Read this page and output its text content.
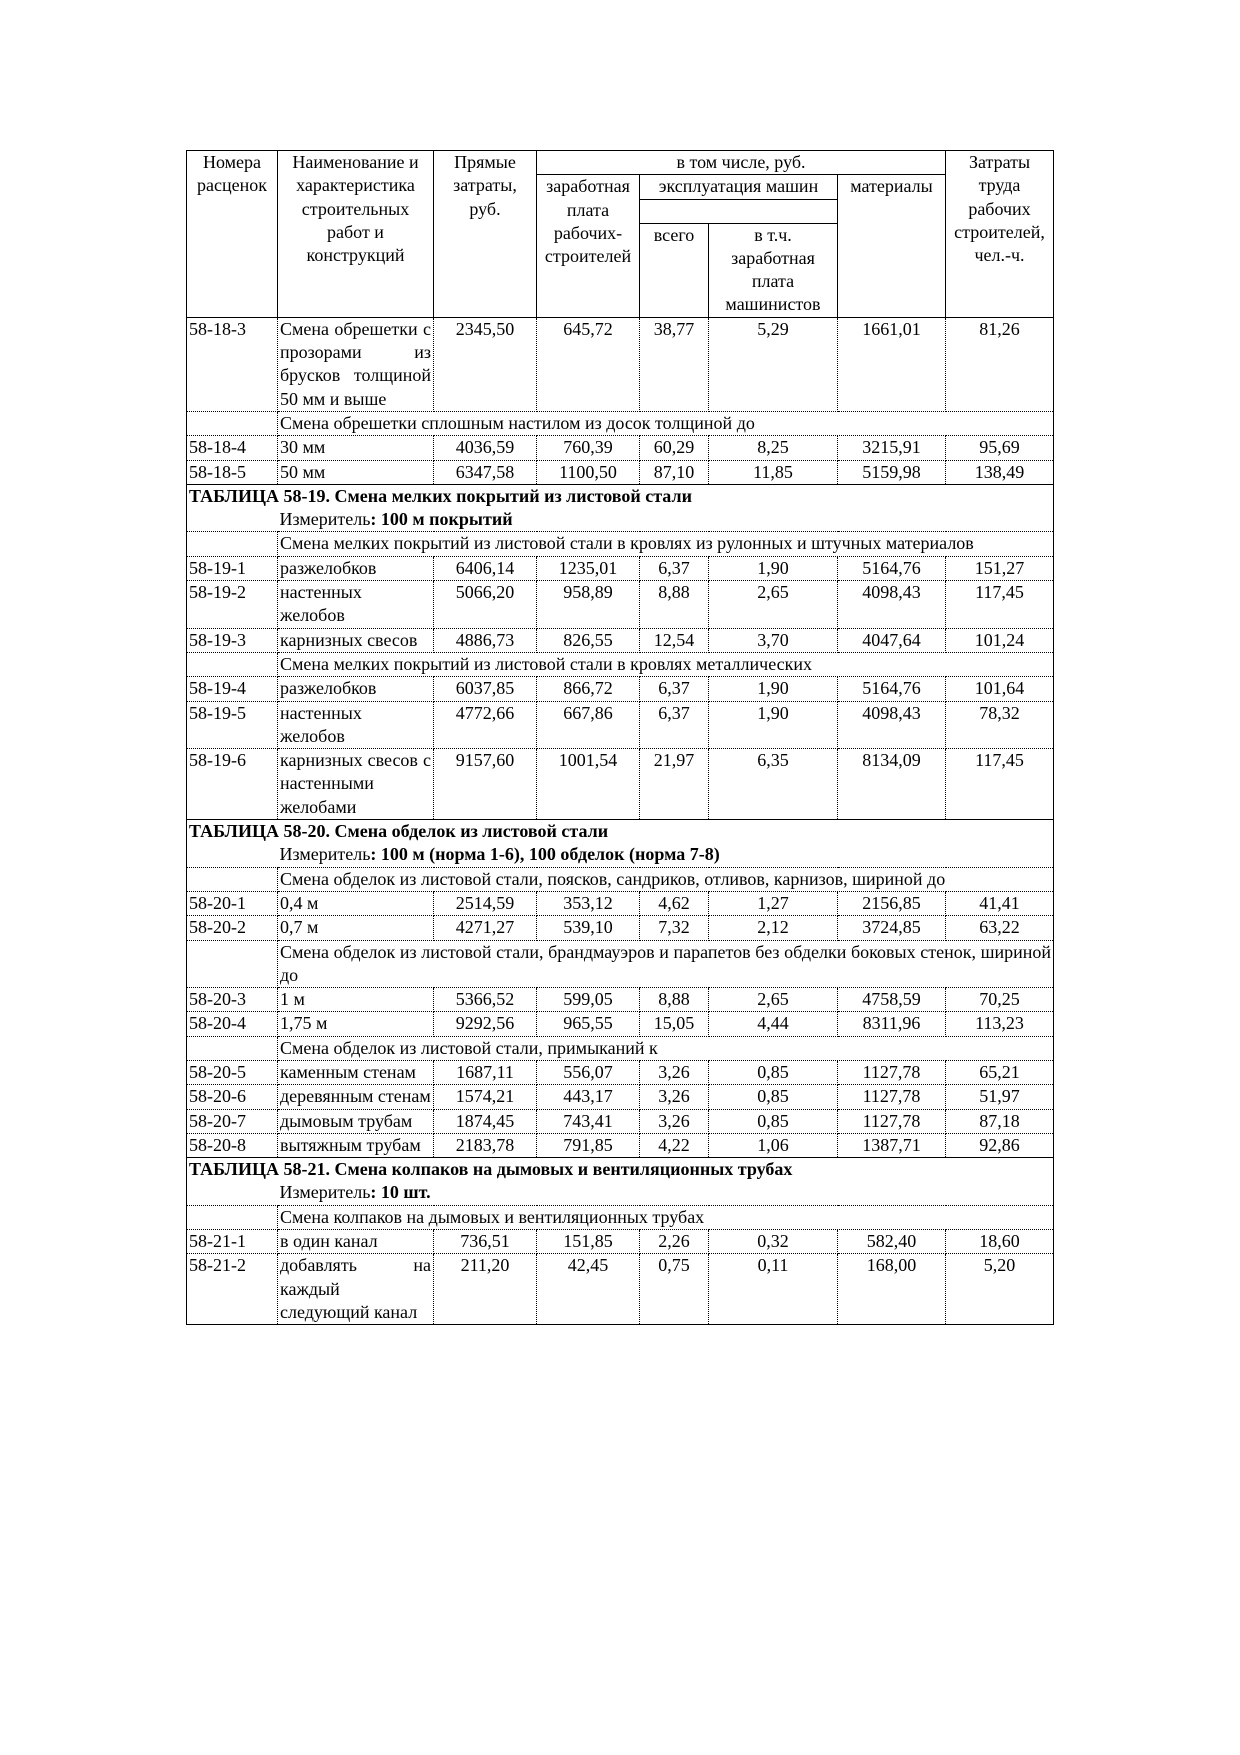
Номера расценок	Наименование и характеристика строительных работ и конструкций	Прямые затраты, руб.	в том числе, руб.				Затраты труда рабочих строителей, чел.-ч.
			заработная плата рабочих-строителей	эксплуатация машин		материалы	

				всего	в т.ч. заработная плата машинистов		
58-18-3	Смена обрешетки с прозорами из брусков толщиной 50 мм и выше	2345,50	645,72	38,77	5,29	1661,01	81,26
	Смена обрешетки сплошным настилом из досок толщиной до						
58-18-4	30 мм	4036,59	760,39	60,29	8,25	3215,91	95,69
58-18-5	50 мм	6347,58	1100,50	87,10	11,85	5159,98	138,49
ТАБЛИЦА 58-19. Смена мелких покрытий из листовой стали							
	Измеритель: 100 м покрытий						
	Смена мелких покрытий из листовой стали в кровлях из рулонных и штучных материалов						
58-19-1	разжелобков	6406,14	1235,01	6,37	1,90	5164,76	151,27
58-19-2	настенных желобов	5066,20	958,89	8,88	2,65	4098,43	117,45
58-19-3	карнизных свесов	4886,73	826,55	12,54	3,70	4047,64	101,24
	Смена мелких покрытий из листовой стали в кровлях металлических						
58-19-4	разжелобков	6037,85	866,72	6,37	1,90	5164,76	101,64
58-19-5	настенных желобов	4772,66	667,86	6,37	1,90	4098,43	78,32
58-19-6	карнизных свесов с настенными желобами	9157,60	1001,54	21,97	6,35	8134,09	117,45
ТАБЛИЦА 58-20. Смена обделок из листовой стали							
	Измеритель: 100 м (норма 1-6), 100 обделок (норма 7-8)						
	Смена обделок из листовой стали, поясков, сандриков, отливов, карнизов, шириной до						
58-20-1	0,4 м	2514,59	353,12	4,62	1,27	2156,85	41,41
58-20-2	0,7 м	4271,27	539,10	7,32	2,12	3724,85	63,22
	Смена обделок из листовой стали, брандмауэров и парапетов без обделки боковых стенок, шириной до						
58-20-3	1 м	5366,52	599,05	8,88	2,65	4758,59	70,25
58-20-4	1,75 м	9292,56	965,55	15,05	4,44	8311,96	113,23
	Смена обделок из листовой стали, примыканий к						
58-20-5	каменным стенам	1687,11	556,07	3,26	0,85	1127,78	65,21
58-20-6	деревянным стенам	1574,21	443,17	3,26	0,85	1127,78	51,97
58-20-7	дымовым трубам	1874,45	743,41	3,26	0,85	1127,78	87,18
58-20-8	вытяжным трубам	2183,78	791,85	4,22	1,06	1387,71	92,86
ТАБЛИЦА 58-21. Смена колпаков на дымовых и вентиляционных трубах							
	Измеритель: 10 шт.						
	Смена колпаков на дымовых и вентиляционных трубах						
58-21-1	в один канал	736,51	151,85	2,26	0,32	582,40	18,60
58-21-2	добавлять на каждый следующий канал	211,20	42,45	0,75	0,11	168,00	5,20
